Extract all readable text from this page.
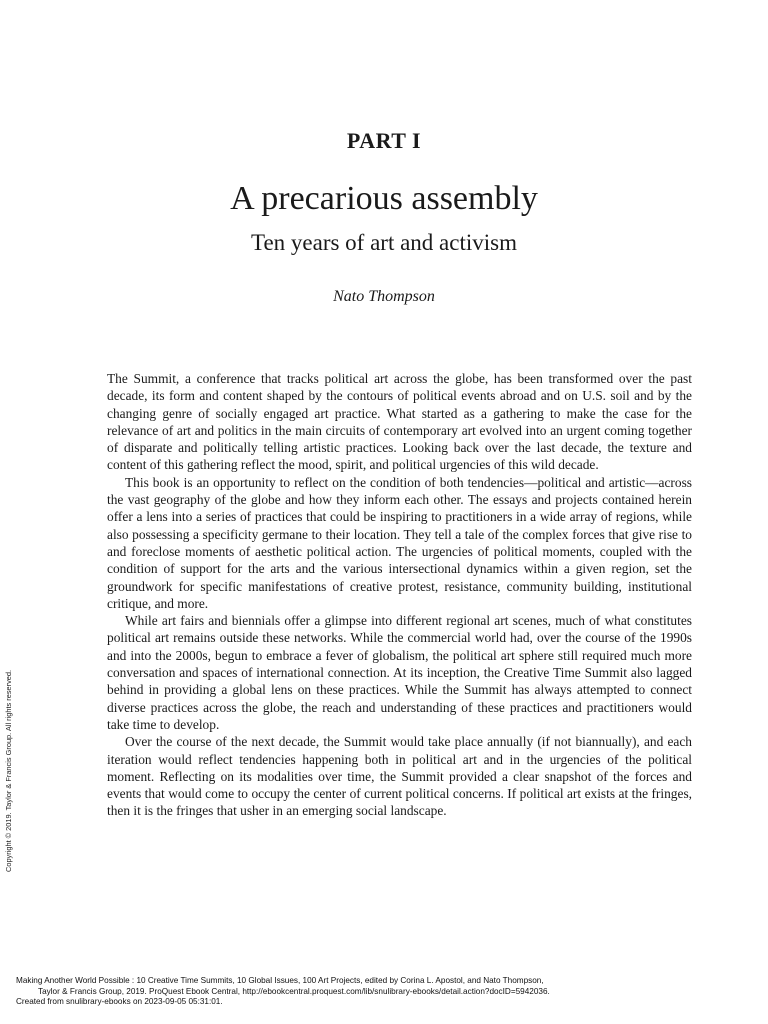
PART I
A precarious assembly
Ten years of art and activism
Nato Thompson

The Summit, a conference that tracks political art across the globe, has been transformed over the past decade, its form and content shaped by the contours of political events abroad and on U.S. soil and by the changing genre of socially engaged art practice. What started as a gathering to make the case for the relevance of art and politics in the main circuits of contemporary art evolved into an urgent coming together of disparate and politically telling artistic practices. Looking back over the last decade, the texture and content of this gathering reflect the mood, spirit, and political urgencies of this wild decade.

This book is an opportunity to reflect on the condition of both tendencies—political and artistic—across the vast geography of the globe and how they inform each other. The essays and projects contained herein offer a lens into a series of practices that could be inspiring to practitioners in a wide array of regions, while also possessing a specificity germane to their location. They tell a tale of the complex forces that give rise to and foreclose moments of aesthetic political action. The urgencies of political moments, coupled with the condition of support for the arts and the various intersectional dynamics within a given region, set the groundwork for specific manifestations of creative protest, resistance, community building, institutional critique, and more.

While art fairs and biennials offer a glimpse into different regional art scenes, much of what constitutes political art remains outside these networks. While the commercial world had, over the course of the 1990s and into the 2000s, begun to embrace a fever of globalism, the political art sphere still required much more conversation and spaces of international connection. At its inception, the Creative Time Summit also lagged behind in providing a global lens on these practices. While the Summit has always attempted to connect diverse practices across the globe, the reach and understanding of these practices and practitioners would take time to develop.

Over the course of the next decade, the Summit would take place annually (if not biannually), and each iteration would reflect tendencies happening both in political art and in the urgencies of the political moment. Reflecting on its modalities over time, the Summit provided a clear snapshot of the forces and events that would come to occupy the center of current political concerns. If political art exists at the fringes, then it is the fringes that usher in an emerging social landscape.

Copyright © 2019. Taylor & Francis Group. All rights reserved.
Making Another World Possible : 10 Creative Time Summits, 10 Global Issues, 100 Art Projects, edited by Corina L. Apostol, and Nato Thompson,
Taylor & Francis Group, 2019. ProQuest Ebook Central, http://ebookcentral.proquest.com/lib/snulibrary-ebooks/detail.action?docID=5942036.
Created from snulibrary-ebooks on 2023-09-05 05:31:01.
